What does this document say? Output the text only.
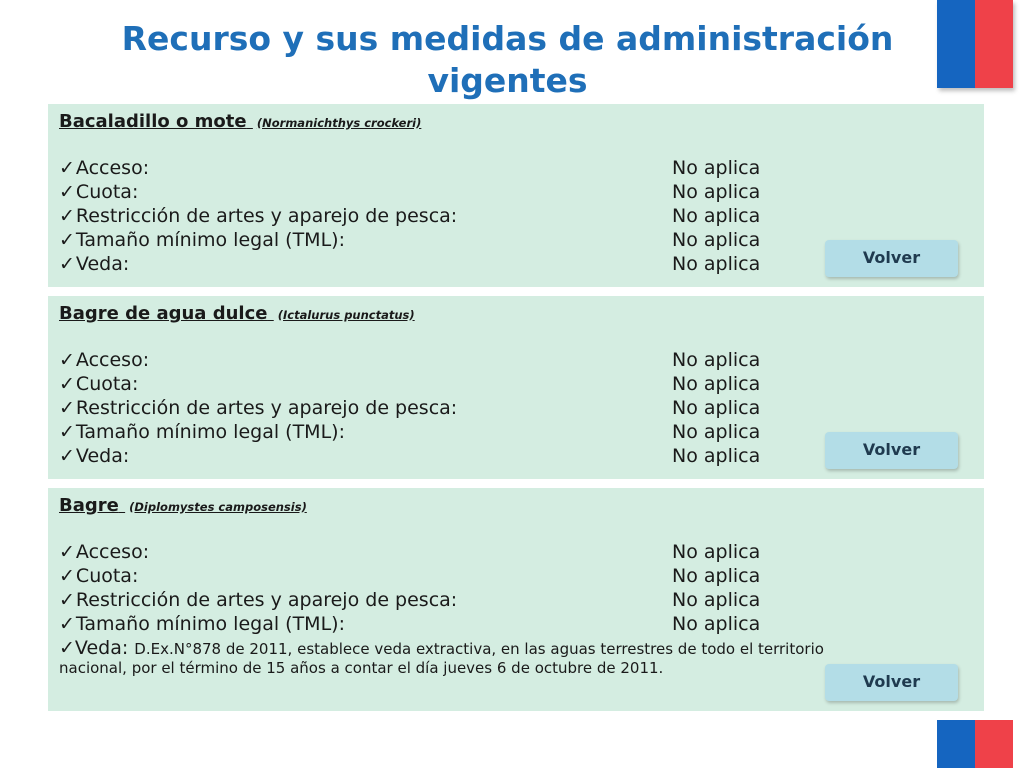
Recurso y sus medidas de administración vigentes
Bacaladillo o mote (Normanichthys crockeri)
✓Acceso:	No aplica
✓Cuota:	No aplica
✓Restricción de artes y aparejo de pesca:	No aplica
✓Tamaño mínimo legal (TML):	No aplica
✓Veda:	No aplica	Volver
Bagre de agua dulce (Ictalurus punctatus)
✓Acceso:	No aplica
✓Cuota:	No aplica
✓Restricción de artes y aparejo de pesca:	No aplica
✓Tamaño mínimo legal (TML):	No aplica
✓Veda:	No aplica	Volver
Bagre (Diplomystes camposensis)
✓Acceso:	No aplica
✓Cuota:	No aplica
✓Restricción de artes y aparejo de pesca:	No aplica
✓Tamaño mínimo legal (TML):	No aplica
✓Veda: D.Ex.N°878 de 2011, establece veda extractiva, en las aguas terrestres de todo el territorio
nacional, por el término de 15 años a contar el día jueves 6 de octubre de 2011.
Volver
